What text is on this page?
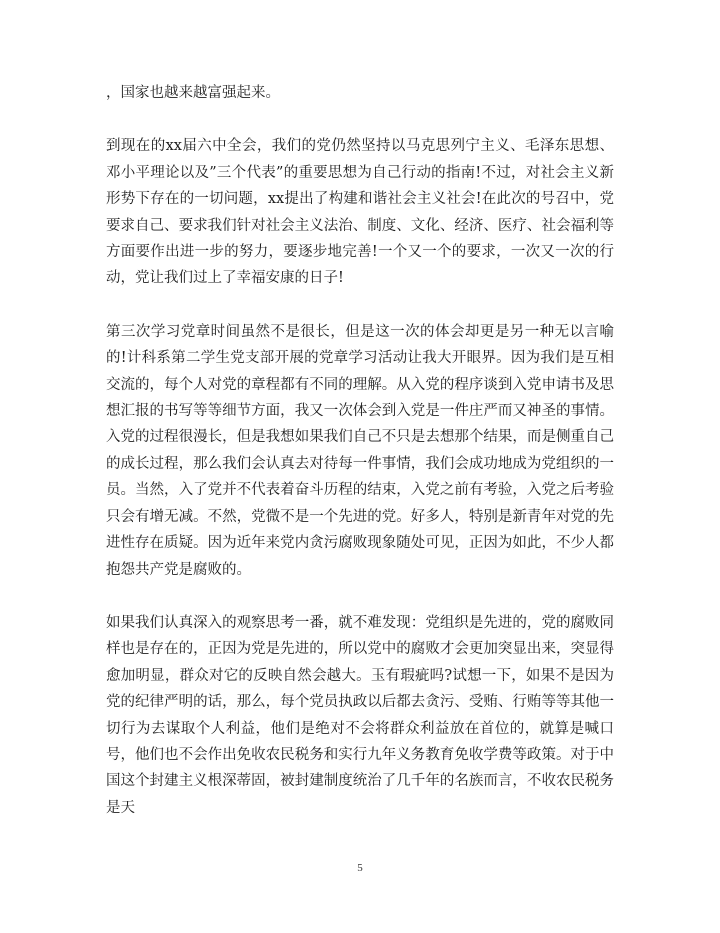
，国家也越来越富强起来。

到现在的xx届六中全会，我们的党仍然坚持以马克思列宁主义、毛泽东思想、邓小平理论以及”三个代表”的重要思想为自己行动的指南!不过，对社会主义新形势下存在的一切问题，xx提出了构建和谐社会主义社会!在此次的号召中，党要求自己、要求我们针对社会主义法治、制度、文化、经济、医疗、社会福利等方面要作出进一步的努力，要逐步地完善!一个又一个的要求，一次又一次的行动，党让我们过上了幸福安康的日子!

第三次学习党章时间虽然不是很长，但是这一次的体会却更是另一种无以言喻的!计科系第二学生党支部开展的党章学习活动让我大开眼界。因为我们是互相交流的，每个人对党的章程都有不同的理解。从入党的程序谈到入党申请书及思想汇报的书写等等细节方面，我又一次体会到入党是一件庄严而又神圣的事情。入党的过程很漫长，但是我想如果我们自己不只是去想那个结果，而是侧重自己的成长过程，那么我们会认真去对待每一件事情，我们会成功地成为党组织的一员。当然，入了党并不代表着奋斗历程的结束，入党之前有考验，入党之后考验只会有增无减。不然，党微不是一个先进的党。好多人，特别是新青年对党的先进性存在质疑。因为近年来党内贪污腐败现象随处可见，正因为如此，不少人都抱怨共产党是腐败的。

如果我们认真深入的观察思考一番，就不难发现：党组织是先进的，党的腐败同样也是存在的，正因为党是先进的，所以党中的腐败才会更加突显出来，突显得愈加明显，群众对它的反映自然会越大。玉有瑕疵吗?试想一下，如果不是因为党的纪律严明的话，那么，每个党员执政以后都去贪污、受贿、行贿等等其他一切行为去谋取个人利益，他们是绝对不会将群众利益放在首位的，就算是喊口号，他们也不会作出免收农民税务和实行九年义务教育免收学费等政策。对于中国这个封建主义根深蒂固，被封建制度统治了几千年的名族而言，不收农民税务是天

5
